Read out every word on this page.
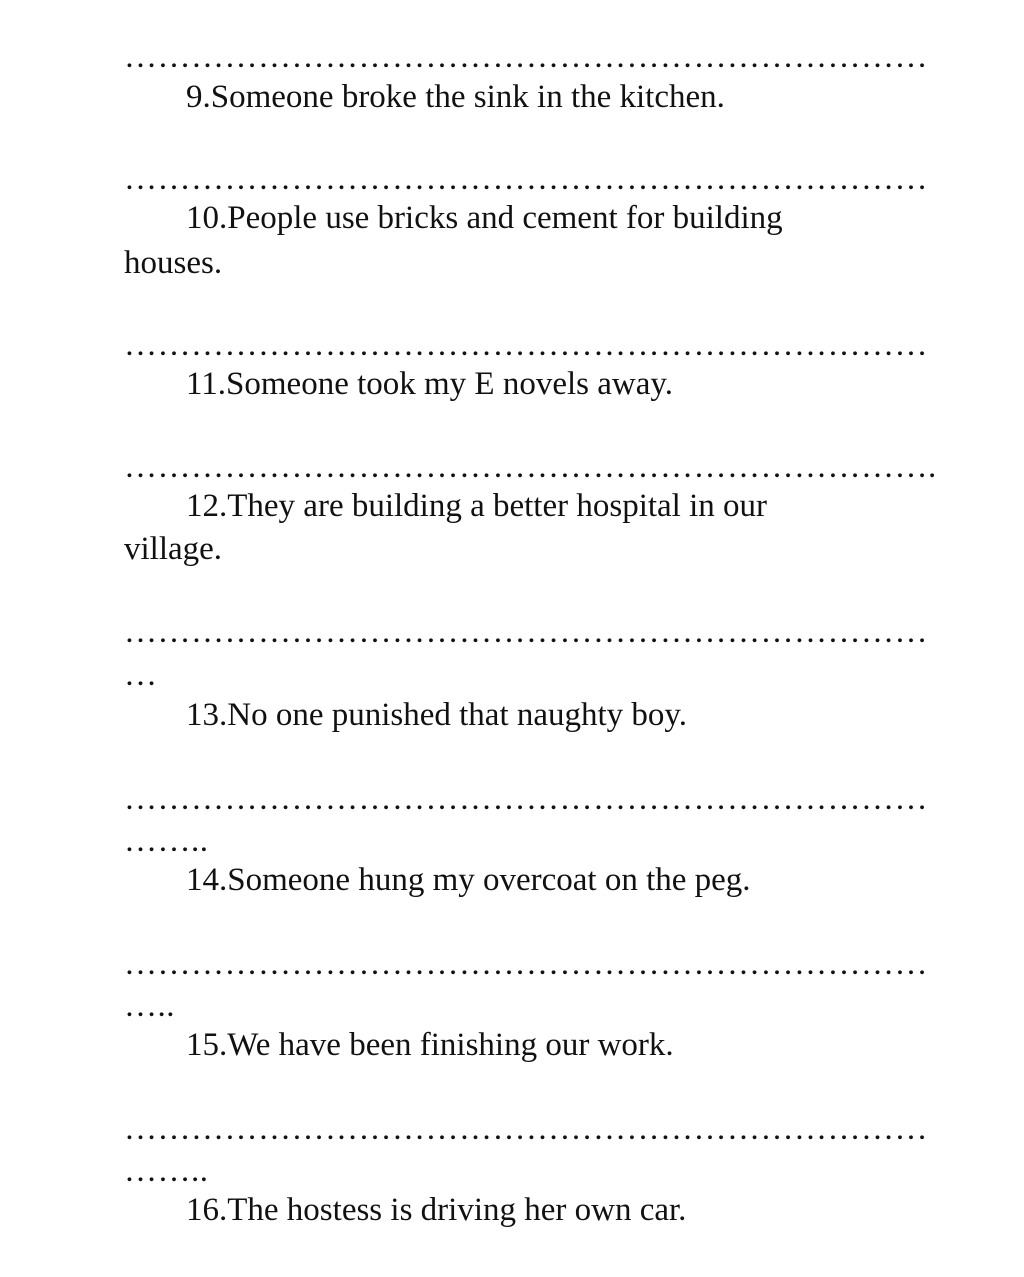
………………………………………………………………
9.Someone broke the sink in the kitchen.
………………………………………………………………
10.People use bricks and cement for building
houses.
………………………………………………………………
11.Someone took my E novels away.
……………………………………………………………….
12.They are building a better hospital in our
village.
………………………………………………………………
…
13.No one punished that naughty boy.
………………………………………………………………
……..
14.Someone hung my overcoat on the peg.
………………………………………………………………
…..
15.We have been finishing our work.
………………………………………………………………
……..
16.The hostess is driving her own car.
